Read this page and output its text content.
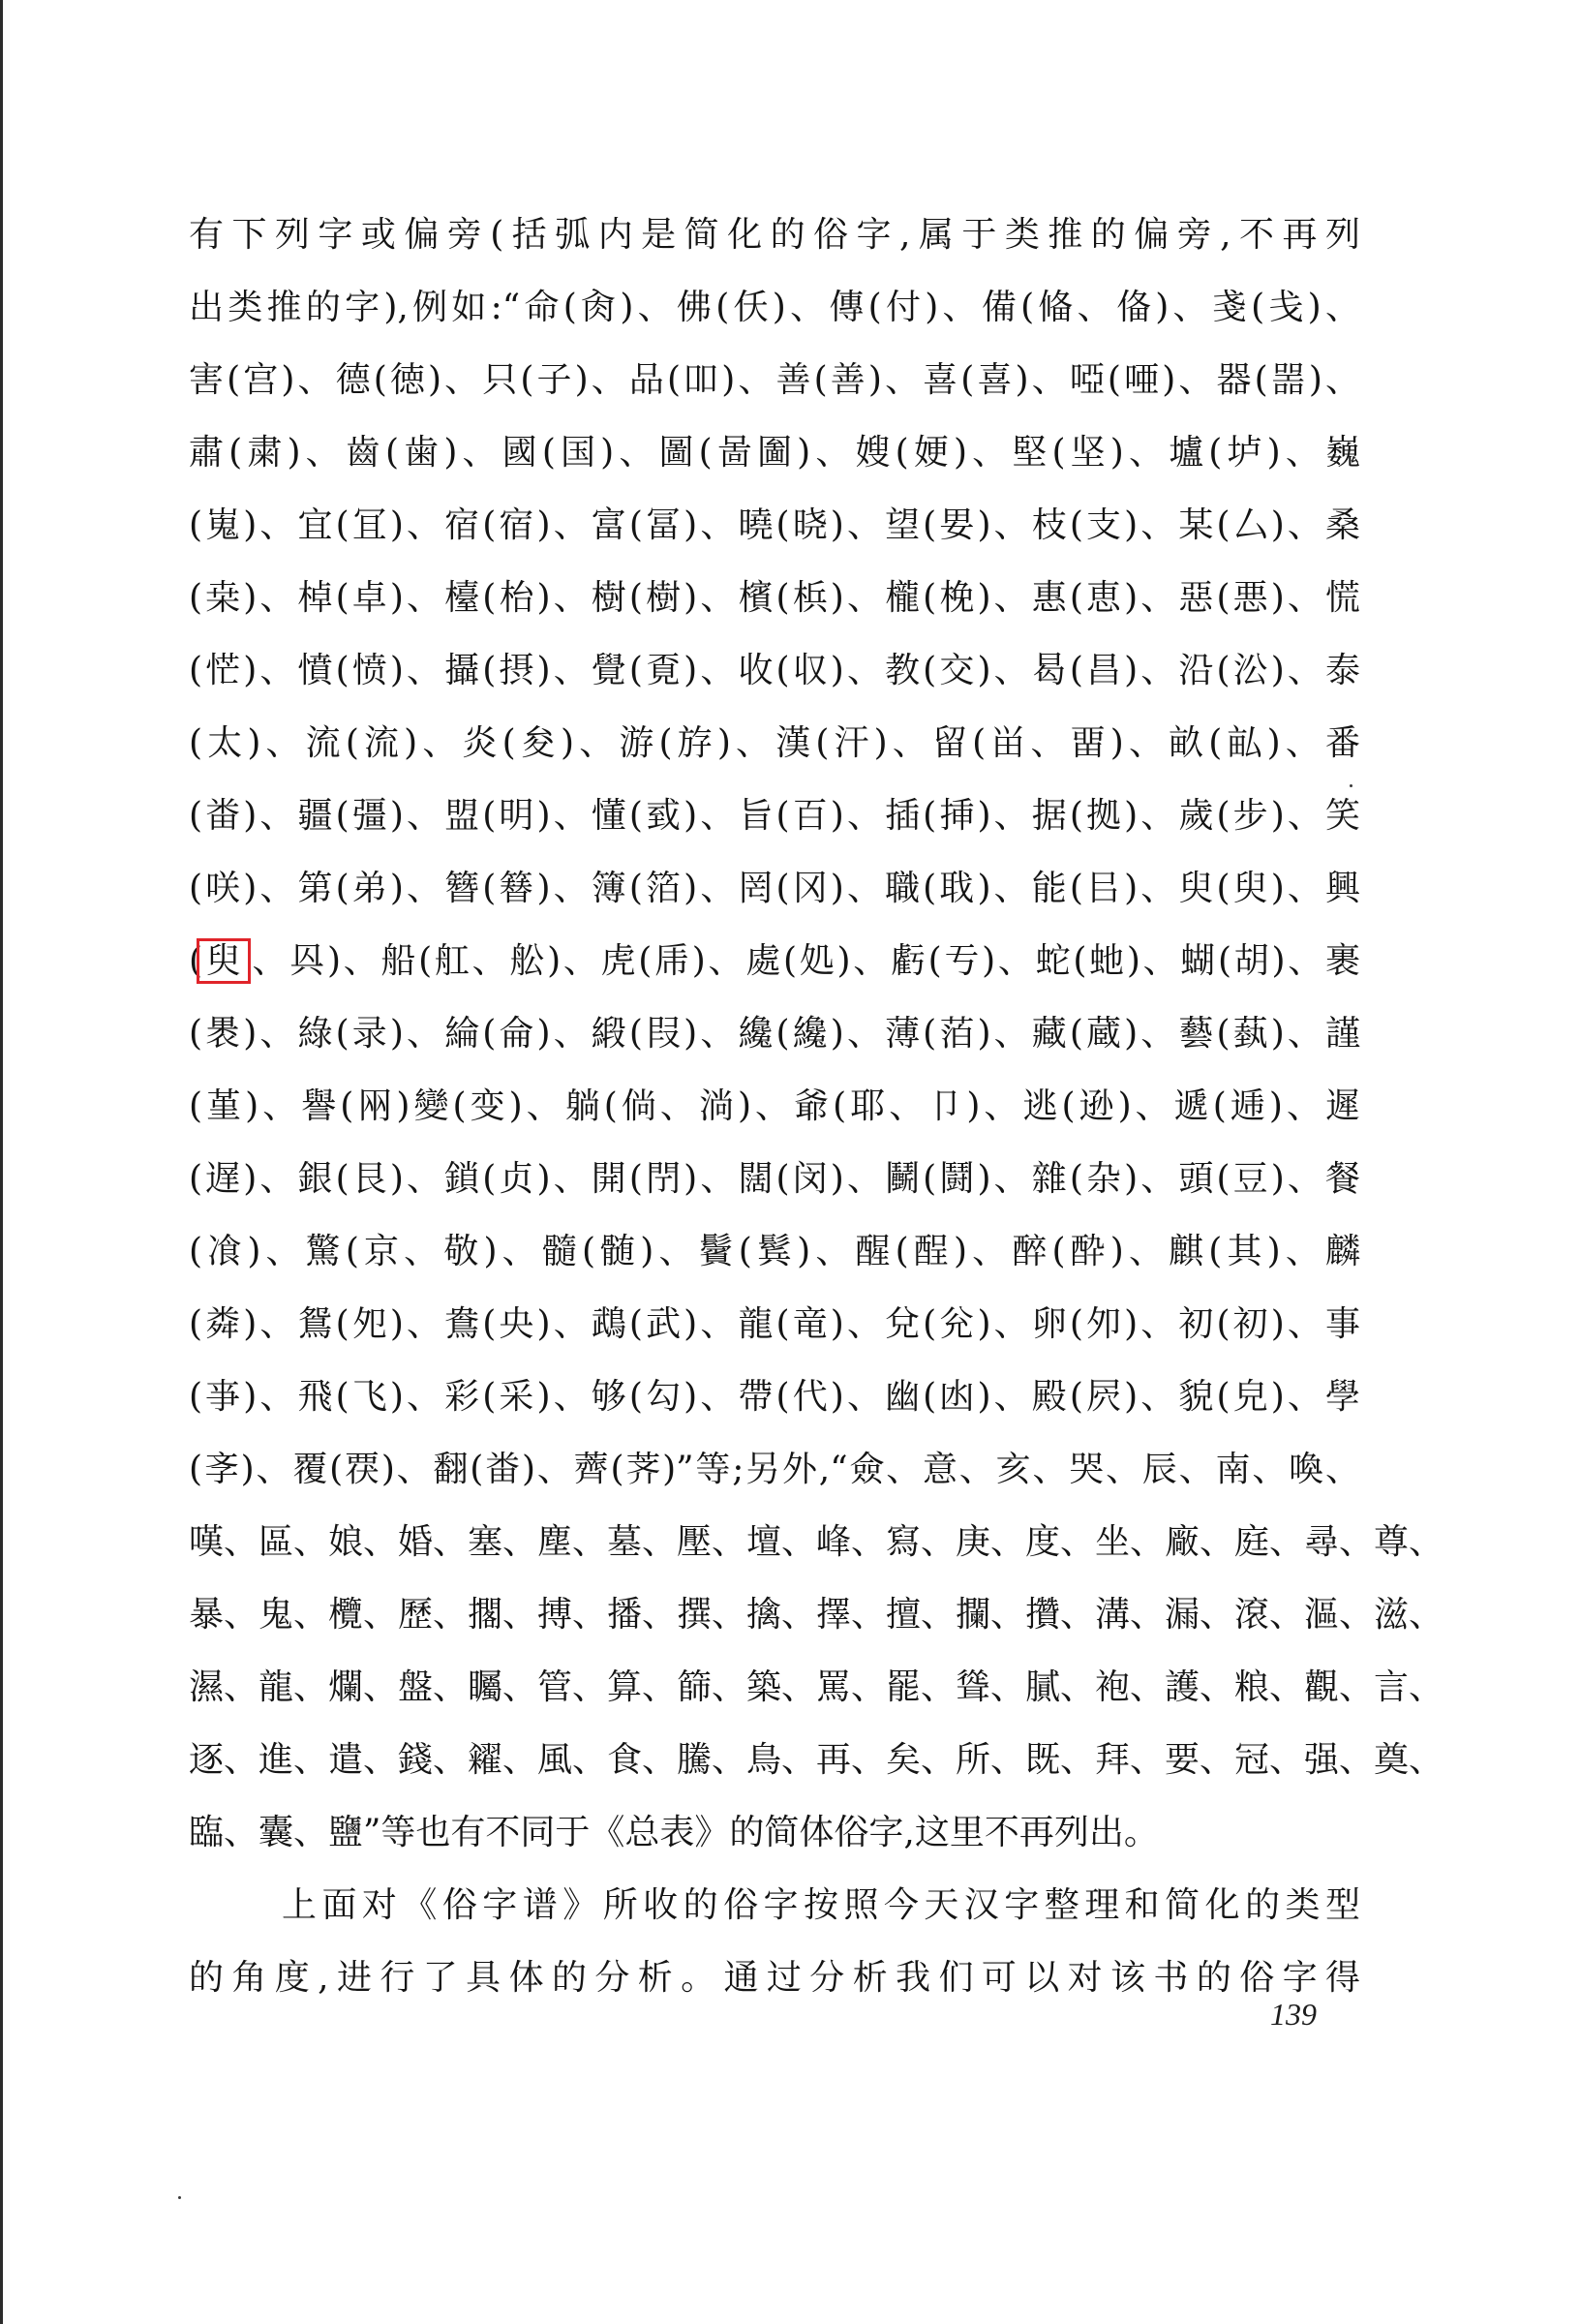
有下列字或偏旁(括弧内是简化的俗字,属于类推的偏旁,不再列
出类推的字),例如:“命(肏)、佛(仸)、傳(付)、備(偹、俻)、戔(戋)、
害(宫)、德(徳)、只(子)、品(吅)、善(善)、喜(喜)、啞(唖)、器(噐)、
肅(粛)、齒(歯)、國(国)、圖(啚圗)、嫂(㛐)、堅(坚)、壚(垆)、巍
(嵬)、宜(冝)、宿(宿)、富(冨)、曉(晓)、望(㚻)、枝(支)、某(厶)、桑
(桒)、棹(卓)、檯(枱)、樹(樹)、檳(梹)、櫳(梚)、惠(恵)、惡(悪)、慌
(恾)、憤(愤)、攝(摂)、覺(覔)、收(収)、教(交)、曷(昌)、沿(㳂)、泰
(太)、流(流)、炎(夋)、游(斿)、漢(汗)、留(畄、畱)、畝(畆)、番
(畨)、疆(彊)、盟(明)、懂(㦶)、旨(百)、插(挿)、据(拠)、歲(步)、笑
(咲)、第(弟)、簪(簮)、簿(箔)、罔(冈)、職(聀)、能(㠯)、臾(臾)、興
(臾 、㒷)、船(舡、舩)、虎(乕)、處(処)、虧(亐)、蛇(虵)、蝴(胡)、裹
(褁)、綠(录)、綸(侖)、緞(叚)、纔(纔)、薄(萡)、藏(蔵)、藝(蓺)、謹
(堇)、譽(㒳)變(变)、躺(倘、淌)、爺(耶、卩)、逃(逊)、遞(逓)、遲
(遅)、銀(艮)、鎖(贞)、開(閅)、闊(闵)、鬭(鬪)、雜(杂)、頭(豆)、餐
(飡)、驚(京、敬)、髓(髄)、鬢(鬂)、醒(酲)、醉(酔)、麒(其)、麟
(粦)、鴛(夗)、鴦(央)、鵡(武)、龍(竜)、兌(兊)、卵(夘)、初(初)、事
(亊)、飛(飞)、彩(采)、够(勾)、帶(代)、幽(凼)、殿(屄)、貌(皃)、學
(斈)、覆(覄)、翻(畨)、薺(荠)”等;另外,“僉、意、亥、哭、辰、南、喚、
嘆、區、娘、婚、塞、塵、墓、壓、壇、峰、寫、庚、度、坐、廠、庭、尋、尊、
暴、鬼、欖、歷、擱、搏、播、撰、擒、擇、擅、攔、攢、溝、漏、滾、漚、滋、
濕、龍、爛、盤、矚、管、算、篩、築、罵、罷、聳、膩、袍、護、粮、觀、言、
逐、進、遣、錢、糴、風、食、騰、鳥、再、矣、所、既、拜、要、冠、强、奠、
臨、囊、鹽”等也有不同于《总表》的简体俗字,这里不再列出。
上面对《俗字谱》所收的俗字按照今天汉字整理和简化的类型
的角度,进行了具体的分析。通过分析我们可以对该书的俗字得
139
